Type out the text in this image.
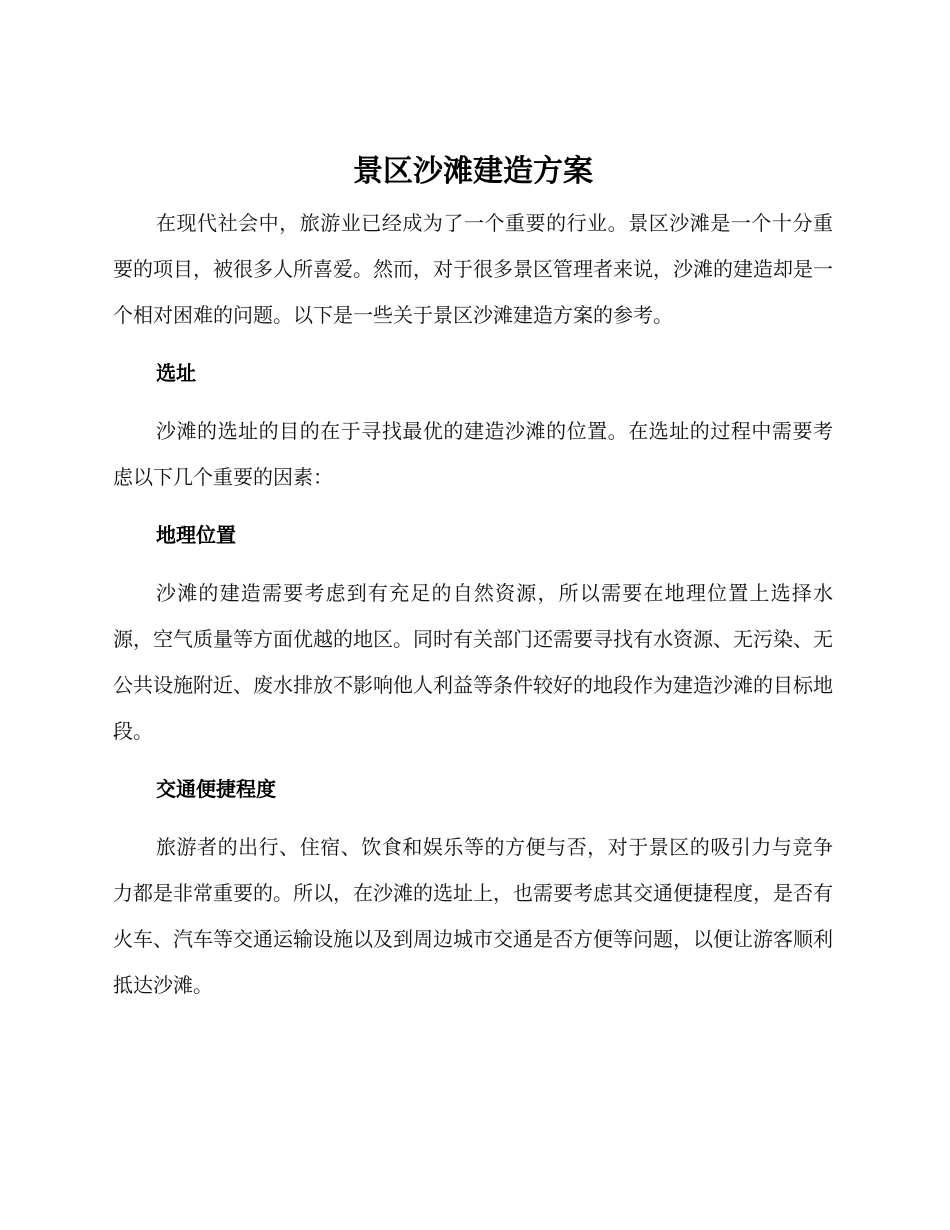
景区沙滩建造方案

在现代社会中，旅游业已经成为了一个重要的行业。景区沙滩是一个十分重要的项目，被很多人所喜爱。然而，对于很多景区管理者来说，沙滩的建造却是一个相对困难的问题。以下是一些关于景区沙滩建造方案的参考。

选址

沙滩的选址的目的在于寻找最优的建造沙滩的位置。在选址的过程中需要考虑以下几个重要的因素：

地理位置

沙滩的建造需要考虑到有充足的自然资源，所以需要在地理位置上选择水源，空气质量等方面优越的地区。同时有关部门还需要寻找有水资源、无污染、无公共设施附近、废水排放不影响他人利益等条件较好的地段作为建造沙滩的目标地段。

交通便捷程度

旅游者的出行、住宿、饮食和娱乐等的方便与否，对于景区的吸引力与竞争力都是非常重要的。所以，在沙滩的选址上，也需要考虑其交通便捷程度，是否有火车、汽车等交通运输设施以及到周边城市交通是否方便等问题，以便让游客顺利抵达沙滩。
